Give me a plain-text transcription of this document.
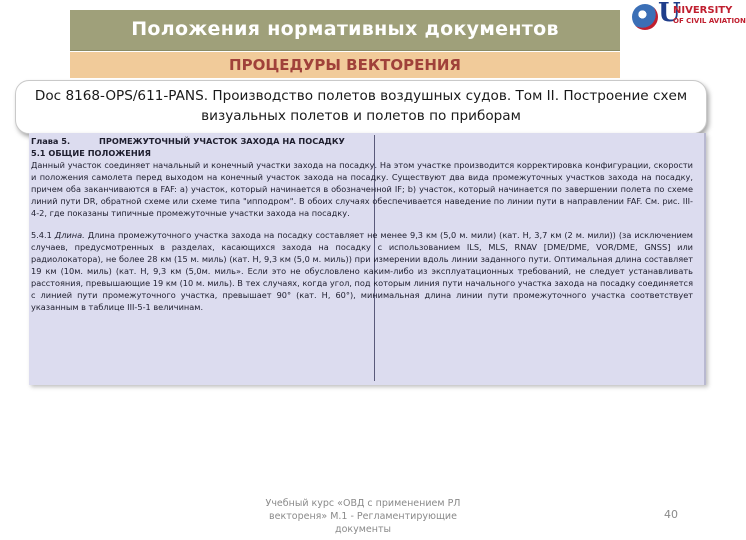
Положения нормативных документов
U
NIVERSITY
OF CIVIL AVIATION
ПРОЦЕДУРЫ ВЕКТОРЕНИЯ
Doc 8168-OPS/611-PANS. Производство полетов воздушных судов. Том II. Построение схем визуальных полетов и полетов по приборам
Глава 5.	ПРОМЕЖУТОЧНЫЙ УЧАСТОК ЗАХОДА НА ПОСАДКУ
5.1 ОБЩИЕ ПОЛОЖЕНИЯ
Данный участок соединяет начальный и конечный участки захода на посадку. На этом участке производится корректировка конфигурации, скорости и положения самолета перед выходом на конечный участок захода на посадку. Существуют два вида промежуточных участков захода на посадку, причем оба заканчиваются в FAF: а) участок, который начинается в обозначенной IF; b) участок, который начинается по завершении полета по схеме линий пути DR, обратной схеме или схеме типа "ипподром". В обоих случаях обеспечивается наведение по линии пути в направлении FAF. См. рис. III-4-2, где показаны типичные промежуточные участки захода на посадку.
5.4.1 Длина. Длина промежуточного участка захода на посадку составляет не менее 9,3 км (5,0 м. мили) (кат. H, 3,7 км (2 м. мили)) (за исключением случаев, предусмотренных в разделах, касающихся захода на посадку с использованием ILS, MLS, RNAV [DME/DME, VOR/DME, GNSS] или радиолокатора), не более 28 км (15 м. миль) (кат. H, 9,3 км (5,0 м. миль)) при измерении вдоль линии заданного пути. Оптимальная длина составляет 19 км (10м. миль) (кат. H, 9,3 км (5,0м. миль». Если это не обусловлено каким-либо из эксплуатационных требований, не следует устанавливать расстояния, превышающие 19 км (10 м. миль). В тех случаях, когда угол, под которым линия пути начального участка захода на посадку соединяется с линией пути промежуточного участка, превышает 90° (кат. H, 60°), минимальная длина линии пути промежуточного участка соответствует указанным в таблице III-5-1 величинам.
Учебный курс «ОВД с применением РЛ вектореня» М.1 - Регламентирующие документы
40
